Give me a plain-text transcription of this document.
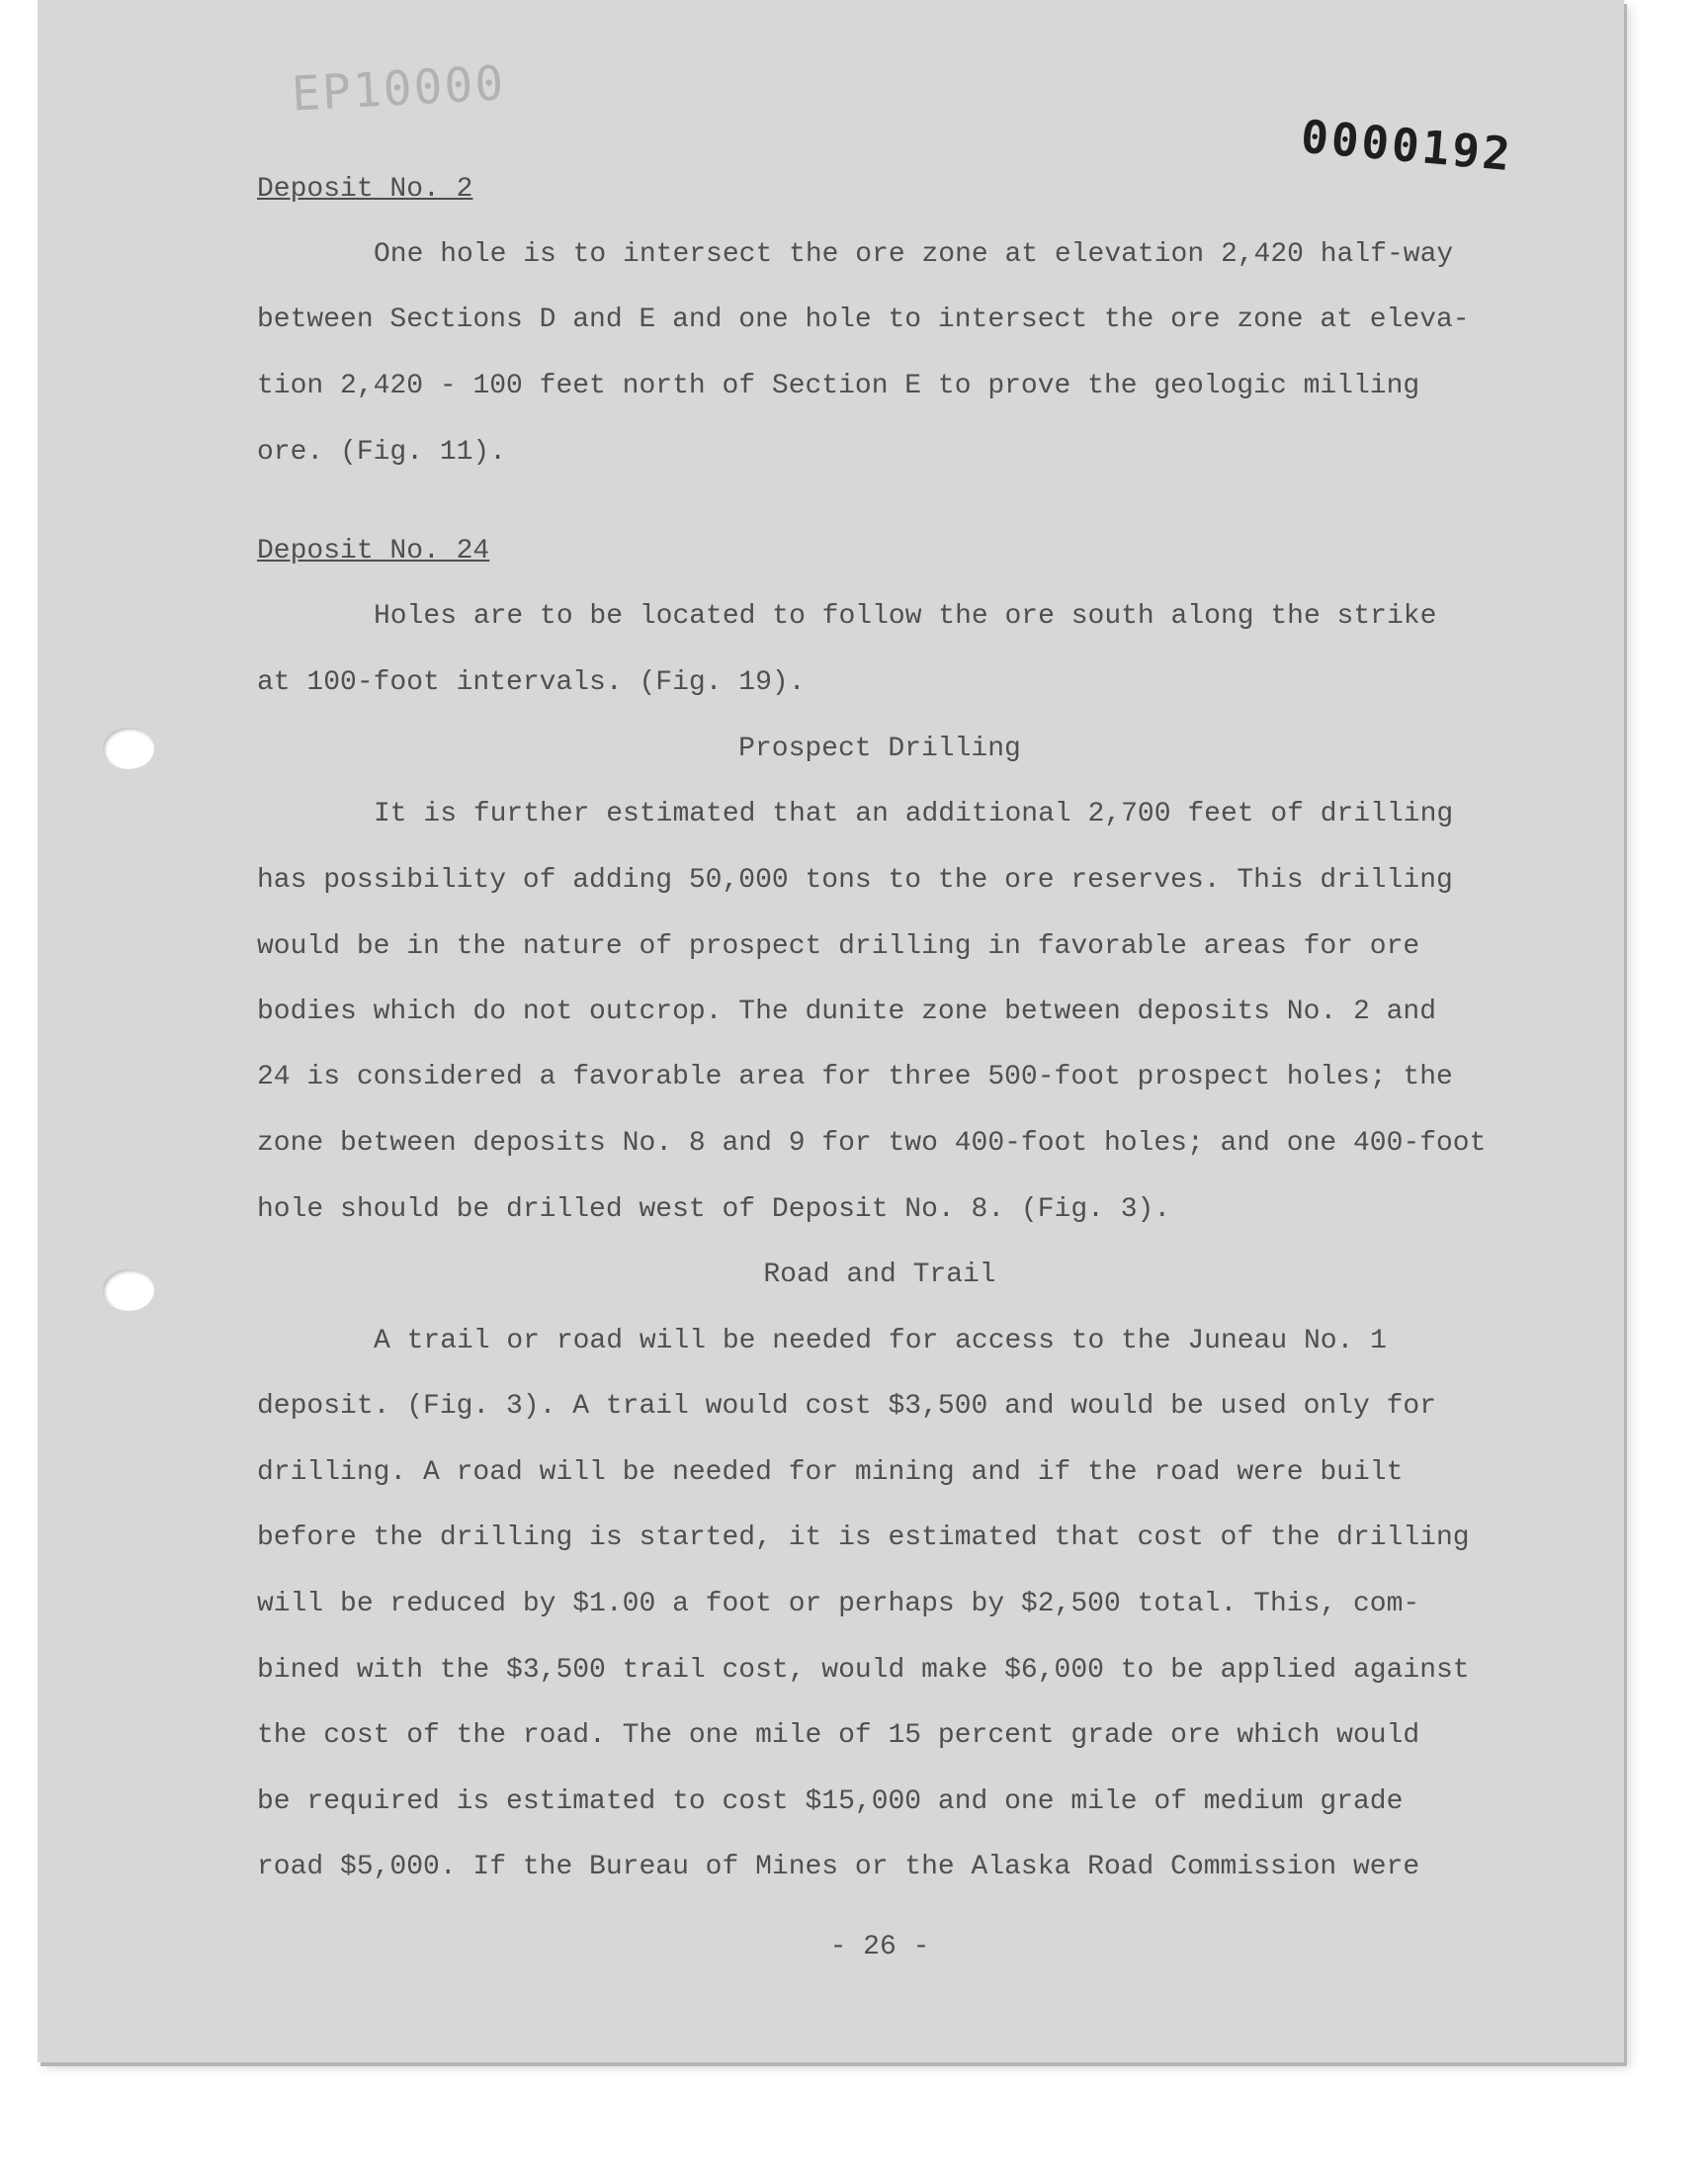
EP10000
0000192
Deposit No. 2
One hole is to intersect the ore zone at elevation 2,420 half-way
between Sections D and E and one hole to intersect the ore zone at eleva-
tion 2,420 - 100 feet north of Section E to prove the geologic milling
ore. (Fig. 11).
Deposit No. 24
Holes are to be located to follow the ore south along the strike
at 100-foot intervals. (Fig. 19).
Prospect Drilling
It is further estimated that an additional 2,700 feet of drilling
has possibility of adding 50,000 tons to the ore reserves. This drilling
would be in the nature of prospect drilling in favorable areas for ore
bodies which do not outcrop. The dunite zone between deposits No. 2 and
24 is considered a favorable area for three 500-foot prospect holes; the
zone between deposits No. 8 and 9 for two 400-foot holes; and one 400-foot
hole should be drilled west of Deposit No. 8. (Fig. 3).
Road and Trail
A trail or road will be needed for access to the Juneau No. 1
deposit. (Fig. 3). A trail would cost $3,500 and would be used only for
drilling. A road will be needed for mining and if the road were built
before the drilling is started, it is estimated that cost of the drilling
will be reduced by $1.00 a foot or perhaps by $2,500 total. This, com-
bined with the $3,500 trail cost, would make $6,000 to be applied against
the cost of the road. The one mile of 15 percent grade ore which would
be required is estimated to cost $15,000 and one mile of medium grade
road $5,000. If the Bureau of Mines or the Alaska Road Commission were
- 26 -
